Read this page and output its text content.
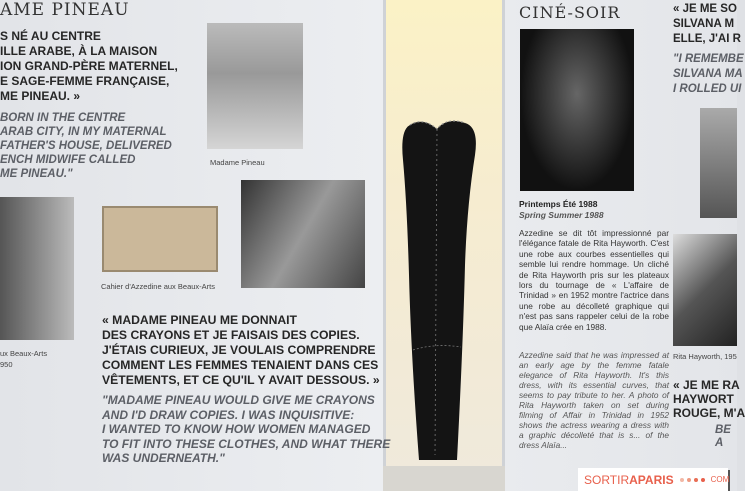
AME PINEAU
S NÉ AU CENTRE
ILLE ARABE, À LA MAISON
ION GRAND-PÈRE MATERNEL,
E SAGE-FEMME FRANÇAISE,
ME PINEAU. »
BORN IN THE CENTRE
ARAB CITY, IN MY MATERNAL
FATHER'S HOUSE, DELIVERED
ENCH MIDWIFE CALLED
ME PINEAU."
Madame Pineau
ux Beaux-Arts
950
Cahier d'Azzedine aux Beaux-Arts
« MADAME PINEAU ME DONNAIT
DES CRAYONS ET JE FAISAIS DES COPIES.
J'ÉTAIS CURIEUX, JE VOULAIS COMPRENDRE
COMMENT LES FEMMES TENAIENT DANS CES
VÊTEMENTS, ET CE QU'IL Y AVAIT DESSOUS. »
"MADAME PINEAU WOULD GIVE ME CRAYONS
AND I'D DRAW COPIES. I WAS INQUISITIVE:
I WANTED TO KNOW HOW WOMEN MANAGED
TO FIT INTO THESE CLOTHES, AND WHAT THERE
WAS UNDERNEATH."
CINÉ-SOIR
Printemps Été 1988
Spring Summer 1988
Azzedine se dit tôt impressionné par l'élégance fatale de Rita Hayworth. C'est une robe aux courbes essentielles qui semble lui rendre hommage. Un cliché de Rita Hayworth pris sur les plateaux lors du tournage de « L'affaire de Trinidad » en 1952 montre l'actrice dans une robe au décolleté graphique qui n'est pas sans rappeler celui de la robe que Alaïa crée en 1988.
Azzedine said that he was impressed at an early age by the femme fatale elegance of Rita Hayworth. It's this dress, with its essential curves, that seems to pay tribute to her. A photo of Rita Hayworth taken on set during filming of Affair in Trinidad in 1952 shows the actress wearing a dress with a graphic décolleté that is s... of the dress Alaïa...
« JE ME SO
SILVANA M
ELLE, J'AI R
"I REMEMBE
SILVANA MA
I ROLLED UI
Rita Hayworth, 195
« JE ME RA
HAYWORT
ROUGE, M'A
BE
A
SORTIRAPARIS	COM
